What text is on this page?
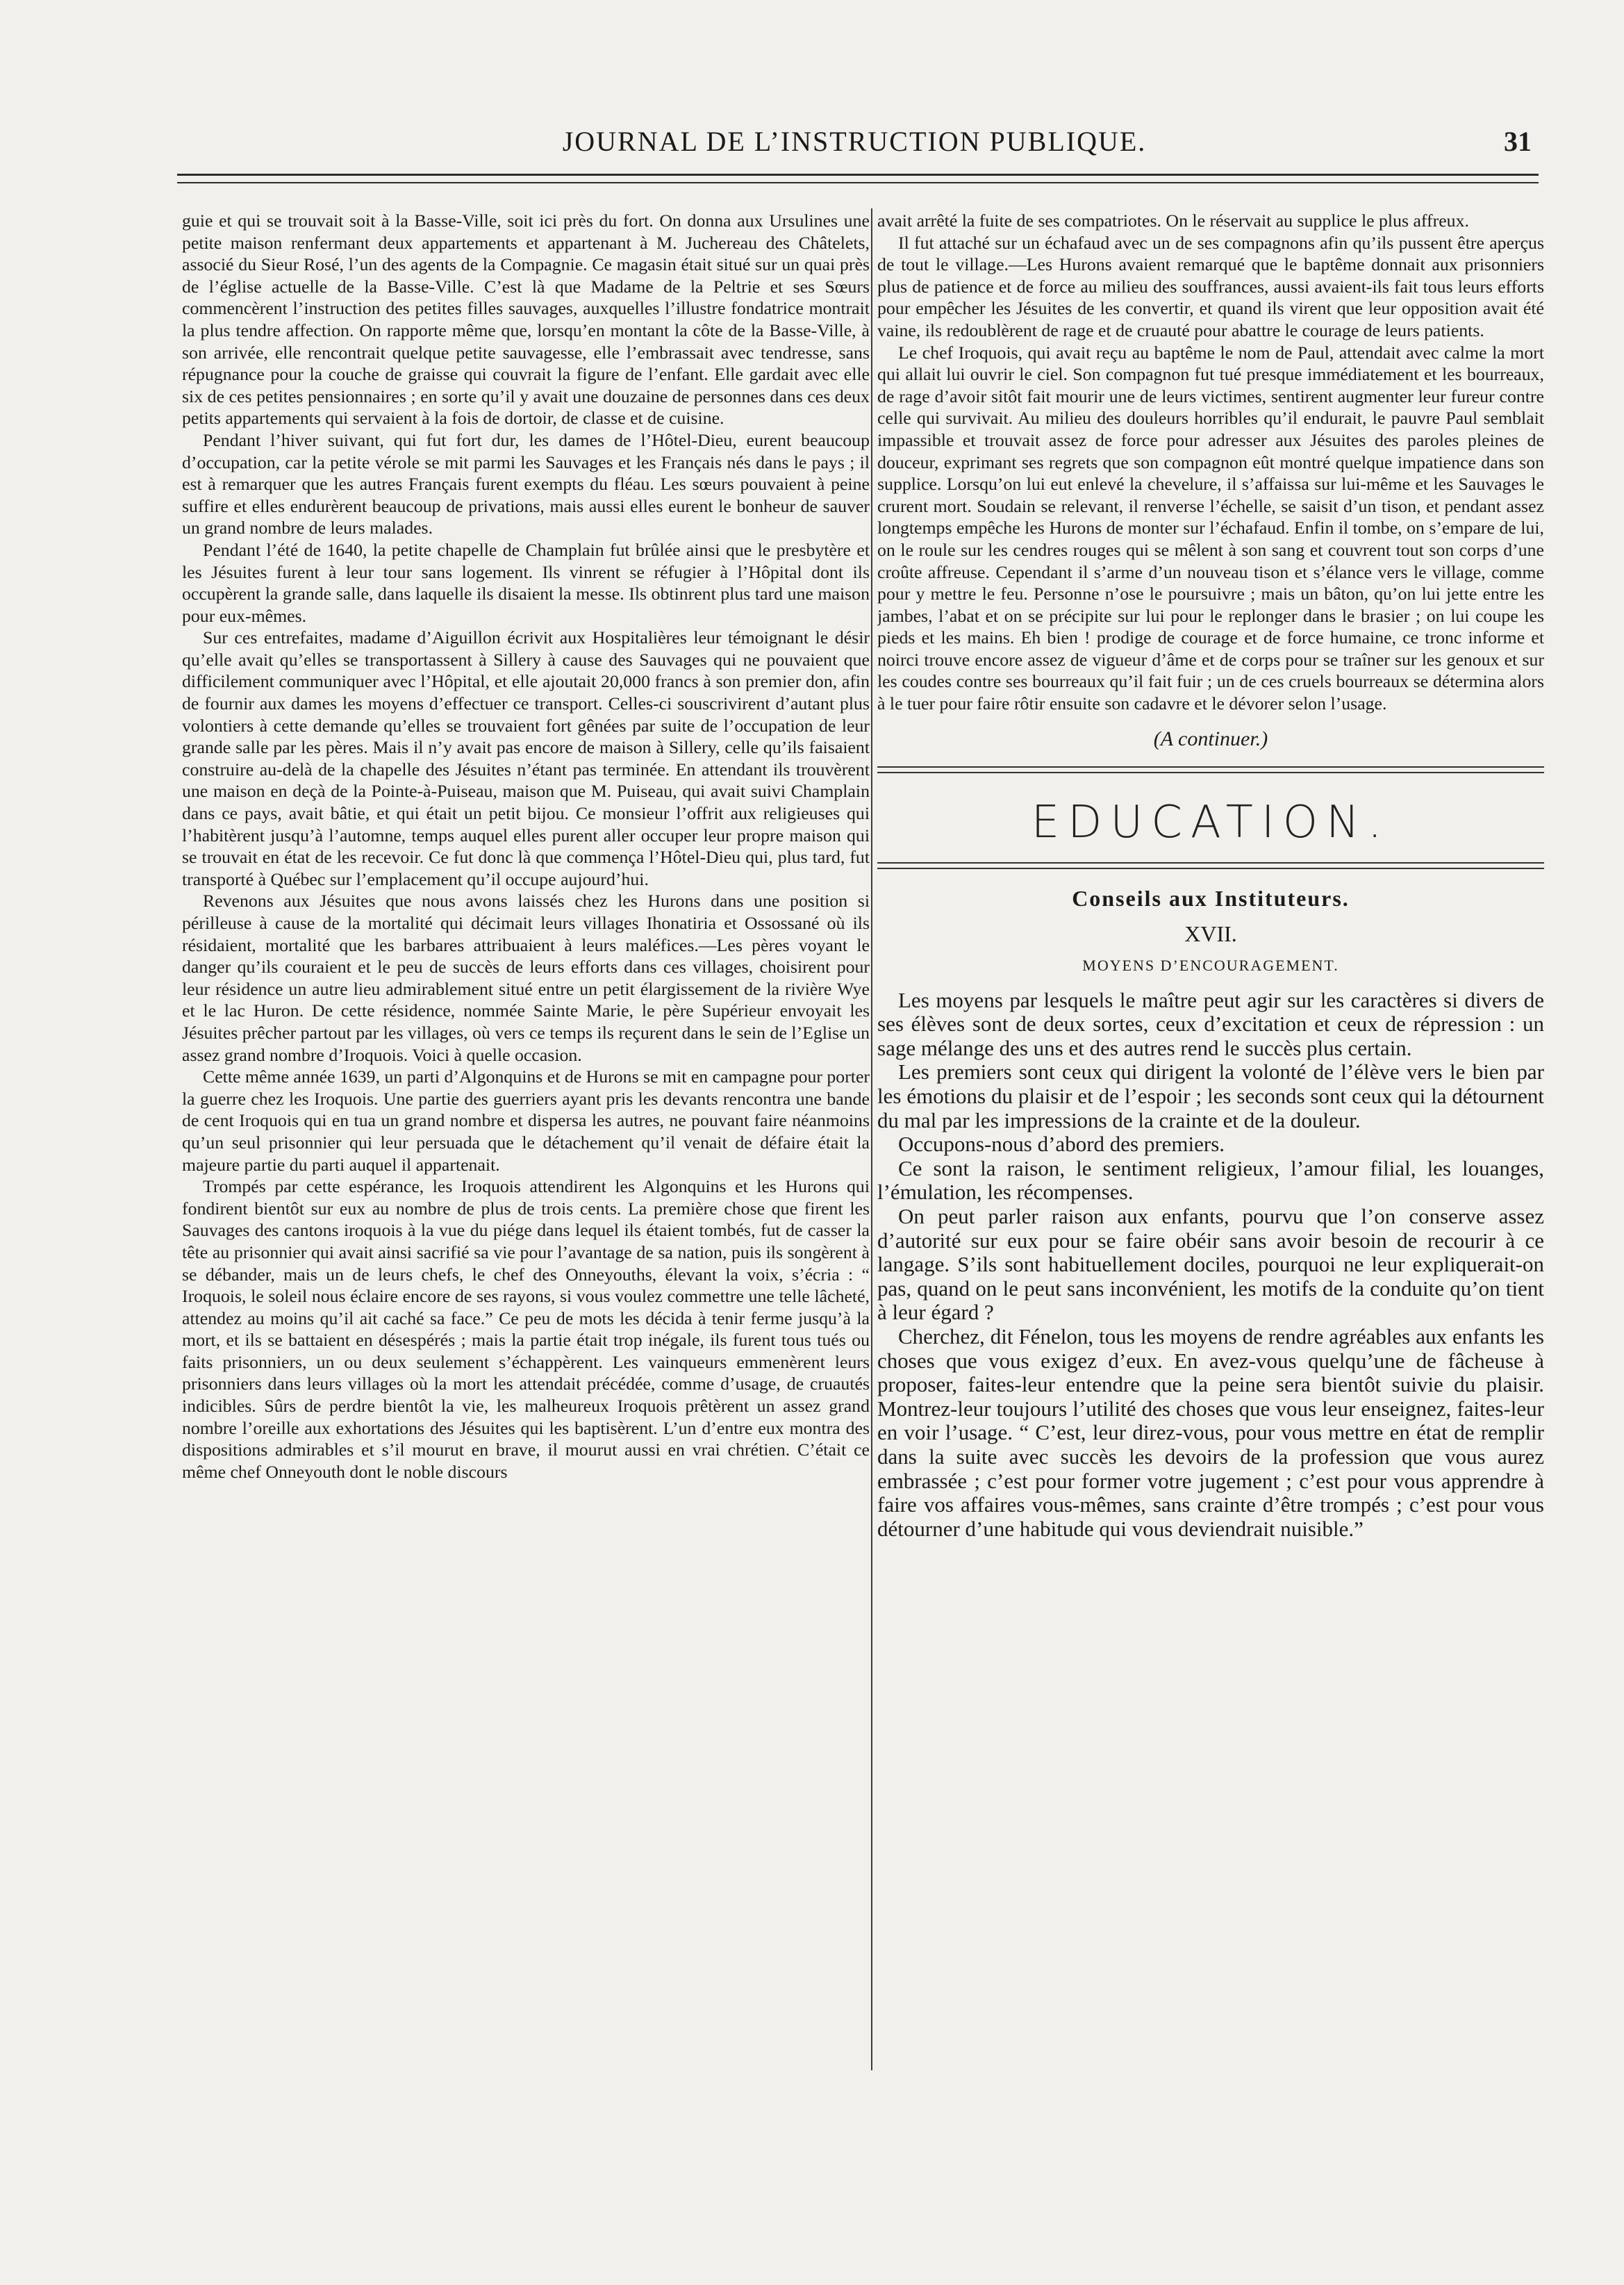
JOURNAL DE L’INSTRUCTION PUBLIQUE.	31

guie et qui se trouvait soit à la Basse-Ville, soit ici près du fort. On donna aux Ursulines une petite maison renfermant deux appartements et appartenant à M. Juchereau des Châtelets, associé du Sieur Rosé, l’un des agents de la Compagnie. Ce magasin était situé sur un quai près de l’église actuelle de la Basse-Ville. C’est là que Madame de la Peltrie et ses Sœurs commencèrent l’instruction des petites filles sauvages, auxquelles l’illustre fondatrice montrait la plus tendre affection. On rapporte même que, lorsqu’en montant la côte de la Basse-Ville, à son arrivée, elle rencontrait quelque petite sauvagesse, elle l’embrassait avec tendresse, sans répugnance pour la couche de graisse qui couvrait la figure de l’enfant. Elle gardait avec elle six de ces petites pensionnaires ; en sorte qu’il y avait une douzaine de personnes dans ces deux petits appartements qui servaient à la fois de dortoir, de classe et de cuisine.

Pendant l’hiver suivant, qui fut fort dur, les dames de l’Hôtel-Dieu, eurent beaucoup d’occupation, car la petite vérole se mit parmi les Sauvages et les Français nés dans le pays ; il est à remarquer que les autres Français furent exempts du fléau. Les sœurs pouvaient à peine suffire et elles endurèrent beaucoup de privations, mais aussi elles eurent le bonheur de sauver un grand nombre de leurs malades.

Pendant l’été de 1640, la petite chapelle de Champlain fut brûlée ainsi que le presbytère et les Jésuites furent à leur tour sans logement. Ils vinrent se réfugier à l’Hôpital dont ils occupèrent la grande salle, dans laquelle ils disaient la messe. Ils obtinrent plus tard une maison pour eux-mêmes.

Sur ces entrefaites, madame d’Aiguillon écrivit aux Hospitalières leur témoignant le désir qu’elle avait qu’elles se transportassent à Sillery à cause des Sauvages qui ne pouvaient que difficilement communiquer avec l’Hôpital, et elle ajoutait 20,000 francs à son premier don, afin de fournir aux dames les moyens d’effectuer ce transport. Celles-ci souscrivirent d’autant plus volontiers à cette demande qu’elles se trouvaient fort gênées par suite de l’occupation de leur grande salle par les pères. Mais il n’y avait pas encore de maison à Sillery, celle qu’ils faisaient construire au-delà de la chapelle des Jésuites n’étant pas terminée. En attendant ils trouvèrent une maison en deçà de la Pointe-à-Puiseau, maison que M. Puiseau, qui avait suivi Champlain dans ce pays, avait bâtie, et qui était un petit bijou. Ce monsieur l’offrit aux religieuses qui l’habitèrent jusqu’à l’automne, temps auquel elles purent aller occuper leur propre maison qui se trouvait en état de les recevoir. Ce fut donc là que commença l’Hôtel-Dieu qui, plus tard, fut transporté à Québec sur l’emplacement qu’il occupe aujourd’hui.

Revenons aux Jésuites que nous avons laissés chez les Hurons dans une position si périlleuse à cause de la mortalité qui décimait leurs villages Ihonatiria et Ossossané où ils résidaient, mortalité que les barbares attribuaient à leurs maléfices.—Les pères voyant le danger qu’ils couraient et le peu de succès de leurs efforts dans ces villages, choisirent pour leur résidence un autre lieu admirablement situé entre un petit élargissement de la rivière Wye et le lac Huron. De cette résidence, nommée Sainte Marie, le père Supérieur envoyait les Jésuites prêcher partout par les villages, où vers ce temps ils reçurent dans le sein de l’Eglise un assez grand nombre d’Iroquois. Voici à quelle occasion.

Cette même année 1639, un parti d’Algonquins et de Hurons se mit en campagne pour porter la guerre chez les Iroquois. Une partie des guerriers ayant pris les devants rencontra une bande de cent Iroquois qui en tua un grand nombre et dispersa les autres, ne pouvant faire néanmoins qu’un seul prisonnier qui leur persuada que le détachement qu’il venait de défaire était la majeure partie du parti auquel il appartenait.

Trompés par cette espérance, les Iroquois attendirent les Algonquins et les Hurons qui fondirent bientôt sur eux au nombre de plus de trois cents. La première chose que firent les Sauvages des cantons iroquois à la vue du piége dans lequel ils étaient tombés, fut de casser la tête au prisonnier qui avait ainsi sacrifié sa vie pour l’avantage de sa nation, puis ils songèrent à se débander, mais un de leurs chefs, le chef des Onneyouths, élevant la voix, s’écria : “ Iroquois, le soleil nous éclaire encore de ses rayons, si vous voulez commettre une telle lâcheté, attendez au moins qu’il ait caché sa face.” Ce peu de mots les décida à tenir ferme jusqu’à la mort, et ils se battaient en désespérés ; mais la partie était trop inégale, ils furent tous tués ou faits prisonniers, un ou deux seulement s’échappèrent. Les vainqueurs emmenèrent leurs prisonniers dans leurs villages où la mort les attendait précédée, comme d’usage, de cruautés indicibles. Sûrs de perdre bientôt la vie, les malheureux Iroquois prêtèrent un assez grand nombre l’oreille aux exhortations des Jésuites qui les baptisèrent. L’un d’entre eux montra des dispositions admirables et s’il mourut en brave, il mourut aussi en vrai chrétien. C’était ce même chef Onneyouth dont le noble discours

avait arrêté la fuite de ses compatriotes. On le réservait au supplice le plus affreux.

Il fut attaché sur un échafaud avec un de ses compagnons afin qu’ils pussent être aperçus de tout le village.—Les Hurons avaient remarqué que le baptême donnait aux prisonniers plus de patience et de force au milieu des souffrances, aussi avaient-ils fait tous leurs efforts pour empêcher les Jésuites de les convertir, et quand ils virent que leur opposition avait été vaine, ils redoublèrent de rage et de cruauté pour abattre le courage de leurs patients.

Le chef Iroquois, qui avait reçu au baptême le nom de Paul, attendait avec calme la mort qui allait lui ouvrir le ciel. Son compagnon fut tué presque immédiatement et les bourreaux, de rage d’avoir sitôt fait mourir une de leurs victimes, sentirent augmenter leur fureur contre celle qui survivait. Au milieu des douleurs horribles qu’il endurait, le pauvre Paul semblait impassible et trouvait assez de force pour adresser aux Jésuites des paroles pleines de douceur, exprimant ses regrets que son compagnon eût montré quelque impatience dans son supplice. Lorsqu’on lui eut enlevé la chevelure, il s’affaissa sur lui-même et les Sauvages le crurent mort. Soudain se relevant, il renverse l’échelle, se saisit d’un tison, et pendant assez longtemps empêche les Hurons de monter sur l’échafaud. Enfin il tombe, on s’empare de lui, on le roule sur les cendres rouges qui se mêlent à son sang et couvrent tout son corps d’une croûte affreuse. Cependant il s’arme d’un nouveau tison et s’élance vers le village, comme pour y mettre le feu. Personne n’ose le poursuivre ; mais un bâton, qu’on lui jette entre les jambes, l’abat et on se précipite sur lui pour le replonger dans le brasier ; on lui coupe les pieds et les mains. Eh bien ! prodige de courage et de force humaine, ce tronc informe et noirci trouve encore assez de vigueur d’âme et de corps pour se traîner sur les genoux et sur les coudes contre ses bourreaux qu’il fait fuir ; un de ces cruels bourreaux se détermina alors à le tuer pour faire rôtir ensuite son cadavre et le dévorer selon l’usage.

(A continuer.)
EDUCATION.
Conseils aux Instituteurs.
XVII.
MOYENS D’ENCOURAGEMENT.

Les moyens par lesquels le maître peut agir sur les caractères si divers de ses élèves sont de deux sortes, ceux d’excitation et ceux de répression : un sage mélange des uns et des autres rend le succès plus certain.

Les premiers sont ceux qui dirigent la volonté de l’élève vers le bien par les émotions du plaisir et de l’espoir ; les seconds sont ceux qui la détournent du mal par les impressions de la crainte et de la douleur.

Occupons-nous d’abord des premiers.

Ce sont la raison, le sentiment religieux, l’amour filial, les louanges, l’émulation, les récompenses.

On peut parler raison aux enfants, pourvu que l’on conserve assez d’autorité sur eux pour se faire obéir sans avoir besoin de recourir à ce langage. S’ils sont habituellement dociles, pourquoi ne leur expliquerait-on pas, quand on le peut sans inconvénient, les motifs de la conduite qu’on tient à leur égard ?

Cherchez, dit Fénelon, tous les moyens de rendre agréables aux enfants les choses que vous exigez d’eux. En avez-vous quelqu’une de fâcheuse à proposer, faites-leur entendre que la peine sera bientôt suivie du plaisir. Montrez-leur toujours l’utilité des choses que vous leur enseignez, faites-leur en voir l’usage. “ C’est, leur direz-vous, pour vous mettre en état de remplir dans la suite avec succès les devoirs de la profession que vous aurez embrassée ; c’est pour former votre jugement ; c’est pour vous apprendre à faire vos affaires vous-mêmes, sans crainte d’être trompés ; c’est pour vous détourner d’une habitude qui vous deviendrait nuisible.”
